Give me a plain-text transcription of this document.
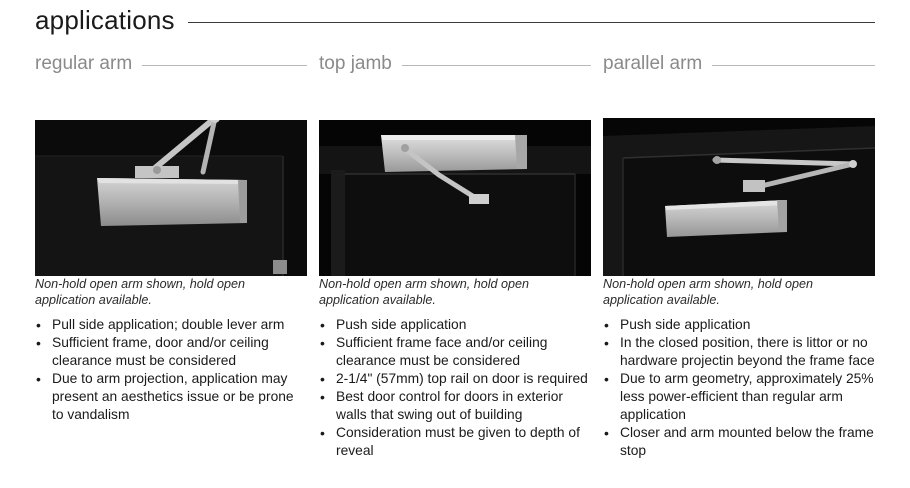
applications
regular arm

Non-hold open arm shown, hold open application available.

• Pull side application; double lever arm
• Sufficient frame, door and/or ceiling clearance must be considered
• Due to arm projection, application may present an aesthetics issue or be prone to vandalism
top jamb

Non-hold open arm shown, hold open application available.

• Push side application
• Sufficient frame face and/or ceiling clearance must be considered
• 2-1/4" (57mm) top rail on door is required
• Best door control for doors in exterior walls that swing out of building
• Consideration must be given to depth of reveal
parallel arm

Non-hold open arm shown, hold open application available.

• Push side application
• In the closed position, there is littor or no hardware projectin beyond the frame face
• Due to arm geometry, approximately 25% less power-efficient than regular arm application
• Closer and arm mounted below the frame stop
